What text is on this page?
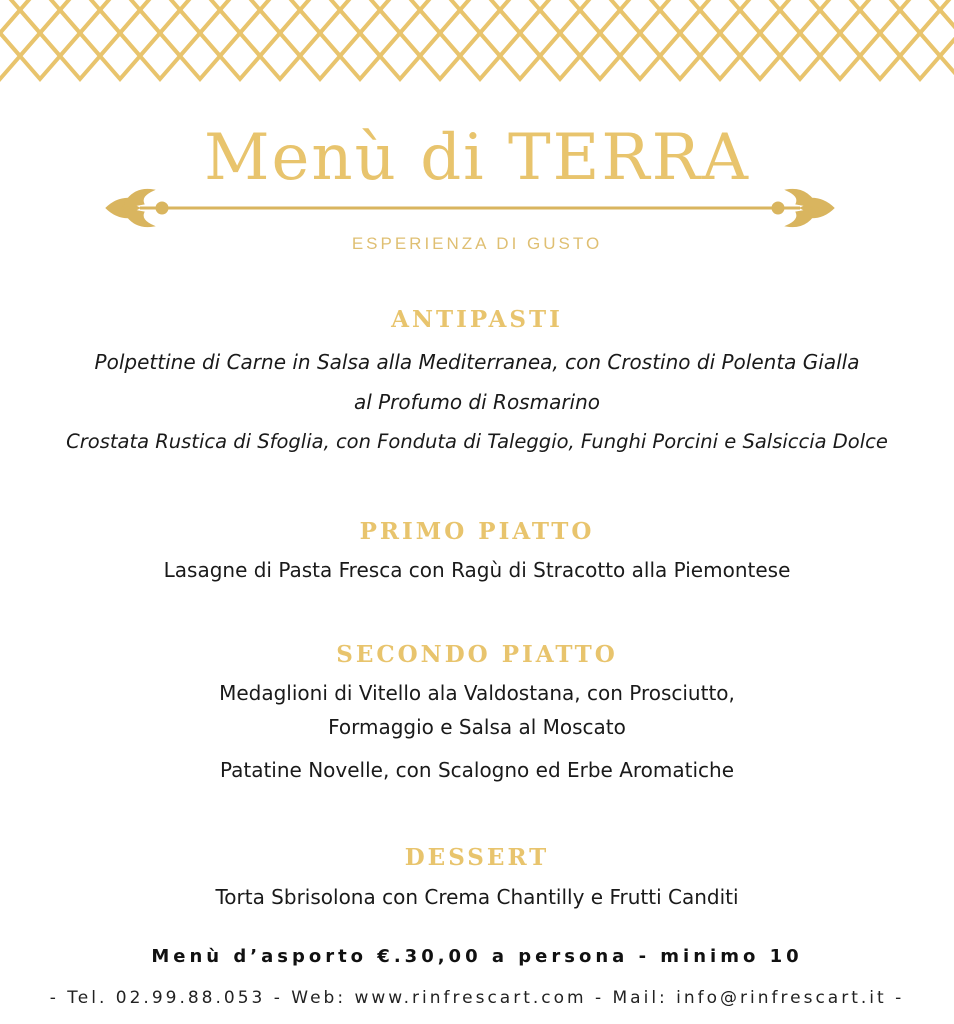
Menù di TERRA
ESPERIENZA DI GUSTO
ANTIPASTI
Polpettine di Carne in Salsa alla Mediterranea, con Crostino di Polenta Gialla
al Profumo di Rosmarino
Crostata Rustica di Sfoglia, con Fonduta di Taleggio, Funghi Porcini e Salsiccia Dolce
PRIMO PIATTO
Lasagne di Pasta Fresca con Ragù di Stracotto alla Piemontese
SECONDO PIATTO
Medaglioni di Vitello ala Valdostana, con Prosciutto,
Formaggio e Salsa al Moscato
Patatine Novelle, con Scalogno ed Erbe Aromatiche
DESSERT
Torta Sbrisolona con Crema Chantilly e Frutti Canditi
Menù d’asporto €.30,00 a persona - minimo 10
- Tel. 02.99.88.053 - Web: www.rinfrescart.com - Mail: info@rinfrescart.it -
